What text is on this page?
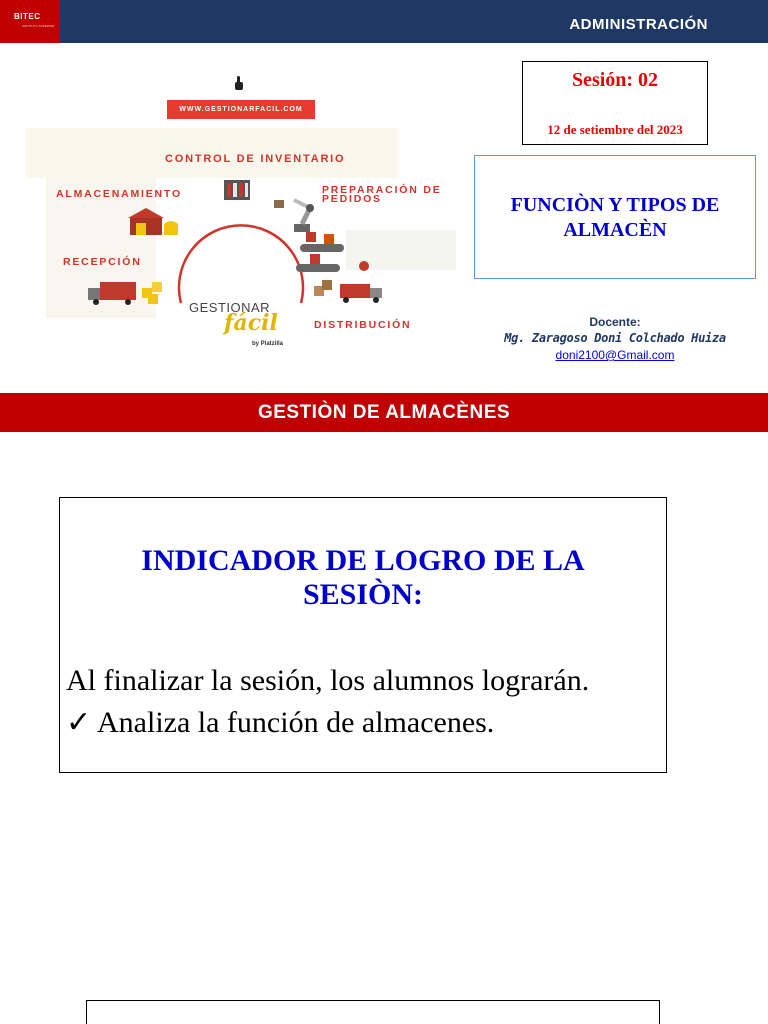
BITEC
INSTITUTO SUPERIOR	ADMINISTRACIÓN
WWW.GESTIONARFACIL.COM
CONTROL DE INVENTARIO
ALMACENAMIENTO	PREPARACIÓN DE
PEDIDOS
RECEPCIÓN
DISTRIBUCIÓN
GESTIONAR
fácil
by Platzilla
Sesión: 02
12 de setiembre del 2023
FUNCIÒN Y TIPOS DE
ALMACÈN
Docente:
Mg. Zaragoso Doni Colchado Huiza
doni2100@Gmail.com
GESTIÒN DE ALMACÈNES
INDICADOR DE LOGRO DE LA
SESIÒN:
Al finalizar la sesión, los alumnos lograrán.
✓ Analiza la función de almacenes.
